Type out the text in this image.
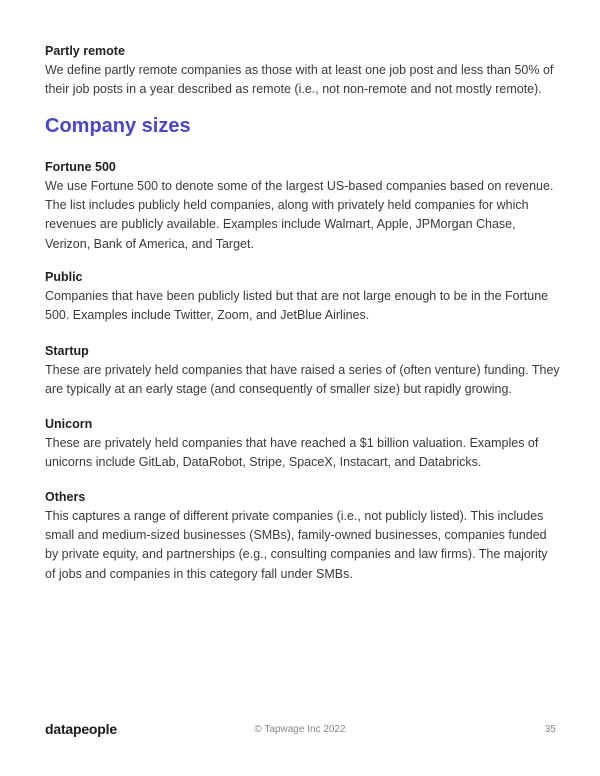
Partly remote

We define partly remote companies as those with at least one job post and less than 50% of their job posts in a year described as remote (i.e., not non-remote and not mostly remote).

Company sizes

Fortune 500

We use Fortune 500 to denote some of the largest US-based companies based on revenue. The list includes publicly held companies, along with privately held companies for which revenues are publicly available. Examples include Walmart, Apple, JPMorgan Chase, Verizon, Bank of America, and Target.

Public

Companies that have been publicly listed but that are not large enough to be in the Fortune 500. Examples include Twitter, Zoom, and JetBlue Airlines.

Startup

These are privately held companies that have raised a series of (often venture) funding. They are typically at an early stage (and consequently of smaller size) but rapidly growing.

Unicorn

These are privately held companies that have reached a $1 billion valuation. Examples of unicorns include GitLab, DataRobot, Stripe, SpaceX, Instacart, and Databricks.

Others

This captures a range of different private companies (i.e., not publicly listed). This includes small and medium-sized businesses (SMBs), family-owned businesses, companies funded by private equity, and partnerships (e.g., consulting companies and law firms). The majority of jobs and companies in this category fall under SMBs.

datapeople	© Tapwage Inc 2022	35
